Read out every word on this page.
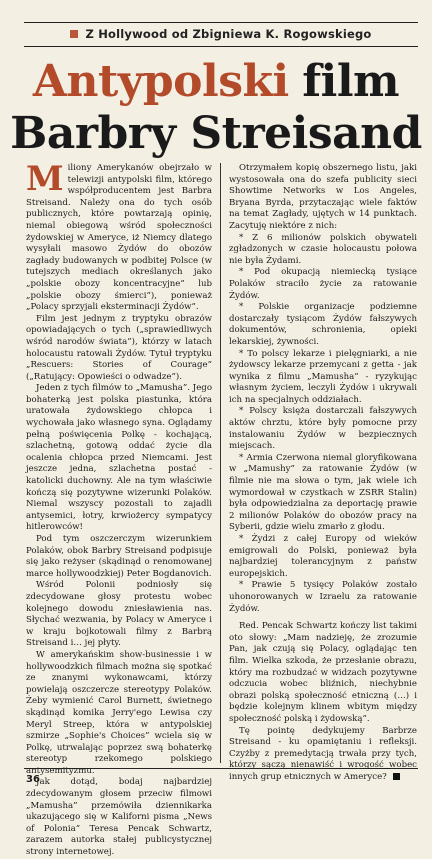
Z Hollywood od Zbigniewa K. Rogowskiego
Antypolski film
Barbry Streisand

Miliony Amerykanów obejrzało w telewizji antypolski film, którego współproducentem jest Barbra Streisand. Należy ona do tych osób publicznych, które powtarzają opinię, niemal obiegową wśród społeczności żydowskiej w Ameryce, iż Niemcy dlatego wysyłali masowo Żydów do obozów zagłady budowanych w podbitej Polsce (w tutejszych mediach określanych jako „polskie obozy koncentracyjne” lub „polskie obozy śmierci”), ponieważ „Polacy sprzyjali eksterminacji Żydów”.

Film jest jednym z tryptyku obrazów opowiadających o tych („sprawiedliwych wśród narodów świata”), którzy w latach holocaustu ratowali Żydów. Tytuł tryptyku „Rescuers: Stories of Courage” („Ratujący: Opowieści o odwadze”).

Jeden z tych filmów to „Mamusha”. Jego bohaterką jest polska piastunka, która uratowała żydowskiego chłopca i wychowała jako własnego syna. Oglądamy pełną poświęcenia Polkę - kochającą, szlachetną, gotową oddać życie dla ocalenia chłopca przed Niemcami. Jest jeszcze jedna, szlachetna postać - katolicki duchowny. Ale na tym właściwie kończą się pozytywne wizerunki Polaków. Niemal wszyscy pozostali to zajadli antysemici, łotry, krwiożercy sympatycy hitlerowców!

Pod tym oszczerczym wizerunkiem Polaków, obok Barbry Streisand podpisuje się jako reżyser (skądinąd o renomowanej marce hollywoodzkiej) Peter Bogdanovich.

Wśród Polonii podniosły się zdecydowane głosy protestu wobec kolejnego dowodu zniesławienia nas. Słychać wezwania, by Polacy w Ameryce i w kraju bojkotowali filmy z Barbrą Streisand i… jej płyty.

W amerykańskim show-businessie i w hollywoodzkich filmach można się spotkać ze znanymi wykonawcami, którzy powielają oszczercze stereotypy Polaków. Żeby wymienić Carol Burnett, świetnego skądinąd komika Jerry'ego Lewisa czy Meryl Streep, która w antypolskiej szmirze „Sophie's Choices” wciela się w Polkę, utrwalając poprzez swą bohaterkę stereotyp rzekomego polskiego antysemityzmu.

Jak dotąd, bodaj najbardziej zdecydowanym głosem przeciw filmowi „Mamusha” przemówiła dziennikarka ukazującego się w Kaliforni pisma „News of Polonia” Teresa Pencak Schwartz, zarazem autorka stałej publicystycznej strony internetowej.

Otrzymałem kopię obszernego listu, jaki wystosowała ona do szefa publicity sieci Showtime Networks w Los Angeles, Bryana Byrda, przytaczając wiele faktów na temat Zagłady, ujętych w 14 punktach. Zacytuję niektóre z nich:

* Z 6 milionów polskich obywateli zgładzonych w czasie holocaustu połowa nie była Żydami.

* Pod okupacją niemiecką tysiące Polaków straciło życie za ratowanie Żydów.

* Polskie organizacje podziemne dostarczały tysiącom Żydów fałszywych dokumentów, schronienia, opieki lekarskiej, żywności.

* To polscy lekarze i pielęgniarki, a nie żydowscy lekarze przemycani z getta - jak wynika z filmu „Mamusha” - ryzykując własnym życiem, leczyli Żydów i ukrywali ich na specjalnych oddziałach.

* Polscy księża dostarczali fałszywych aktów chrztu, które były pomocne przy instalowaniu Żydów w bezpiecznych miejscach.

* Armia Czerwona niemal gloryfikowana w „Mamushy” za ratowanie Żydów (w filmie nie ma słowa o tym, jak wiele ich wymordował w czystkach w ZSRR Stalin) była odpowiedzialna za deportację prawie 2 milionów Polaków do obozów pracy na Syberii, gdzie wielu zmarło z głodu.

* Żydzi z całej Europy od wieków emigrowali do Polski, ponieważ była najbardziej tolerancyjnym z państw europejskich.

* Prawie 5 tysięcy Polaków zostało uhonorowanych w Izraelu za ratowanie Żydów.

Red. Pencak Schwartz kończy list takimi oto słowy: „Mam nadzieję, że zrozumie Pan, jak czują się Polacy, oglądając ten film. Wielka szkoda, że przesłanie obrazu, który ma rozbudzać w widzach pozytywne odczucia wobec bliźnich, niechybnie obrazi polską społeczność etniczną (…) i będzie kolejnym klinem wbitym między społeczność polską i żydowską”.

Tę pointę dedykujemy Barbrze Streisand - ku opamiętaniu i refleksji. Czyżby z premedytacją trwała przy tych, którzy sączą nienawiść i wrogość wobec innych grup etnicznych w Ameryce?

36
